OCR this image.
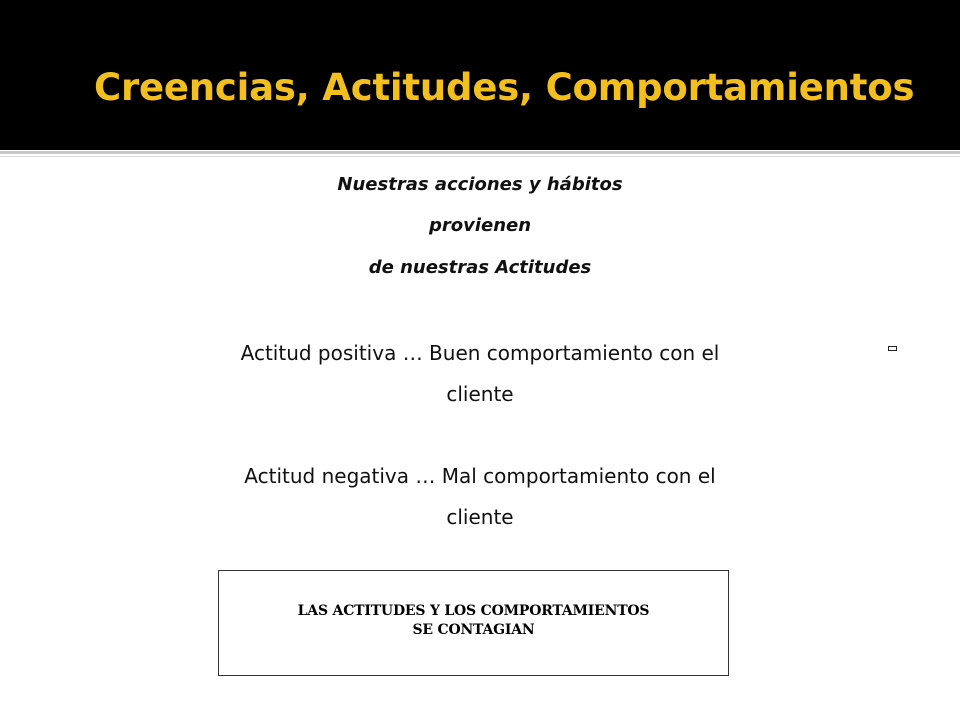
Creencias, Actitudes, Comportamientos
Nuestras acciones y hábitos
provienen
de nuestras Actitudes
Actitud positiva … Buen comportamiento con el
cliente
Actitud negativa … Mal comportamiento con el
cliente
LAS ACTITUDES Y LOS COMPORTAMIENTOS
SE CONTAGIAN
